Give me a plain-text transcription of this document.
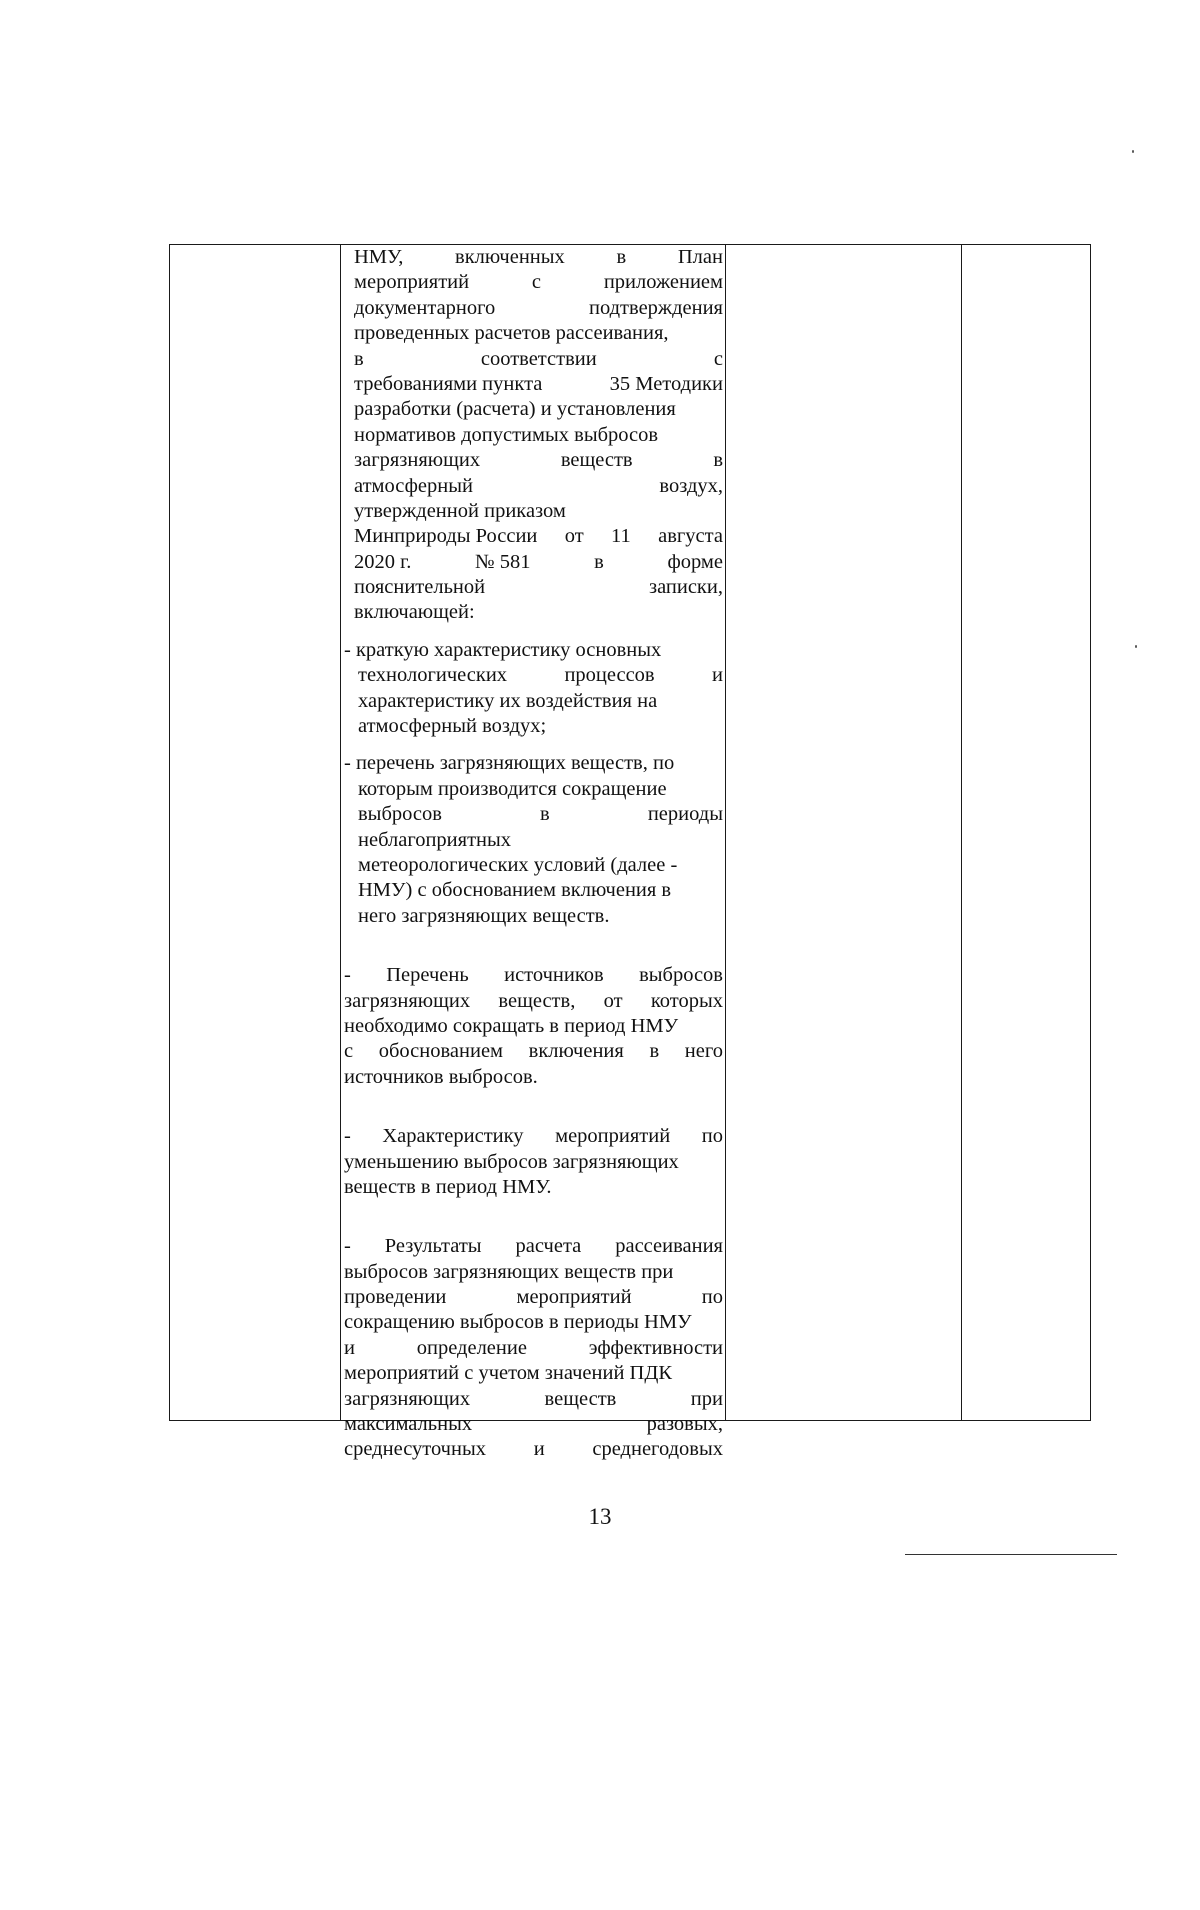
НМУ,	включенных	в	План
мероприятий	с	приложением
документарного	подтверждения
проведенных расчетов рассеивания,
в	соответствии	с
требованиями пункта	35 Методики
разработки (расчета) и установления
нормативов допустимых выбросов
загрязняющих	веществ	в
атмосферный	воздух,
утвержденной приказом
Минприроды России от 11 августа
2020 г.	№ 581	в	форме
пояснительной	записки,
включающей:
- краткую характеристику основных
технологических	процессов	и
характеристику их воздействия на
атмосферный воздух;
- перечень загрязняющих веществ, по
которым производится сокращение
выбросов	в	периоды
неблагоприятных
метеорологических условий (далее -
НМУ) с обоснованием включения в
него загрязняющих веществ.
- Перечень источников выбросов
загрязняющих веществ, от которых
необходимо сокращать в период НМУ
с обоснованием включения в него
источников выбросов.
- Характеристику мероприятий по
уменьшению выбросов загрязняющих
веществ в период НМУ.
- Результаты расчета рассеивания
выбросов загрязняющих веществ при
проведении	мероприятий	по
сокращению выбросов в периоды НМУ
и	определение	эффективности
мероприятий с учетом значений ПДК
загрязняющих	веществ	при
максимальных	разовых,
среднесуточных и среднегодовых
13
